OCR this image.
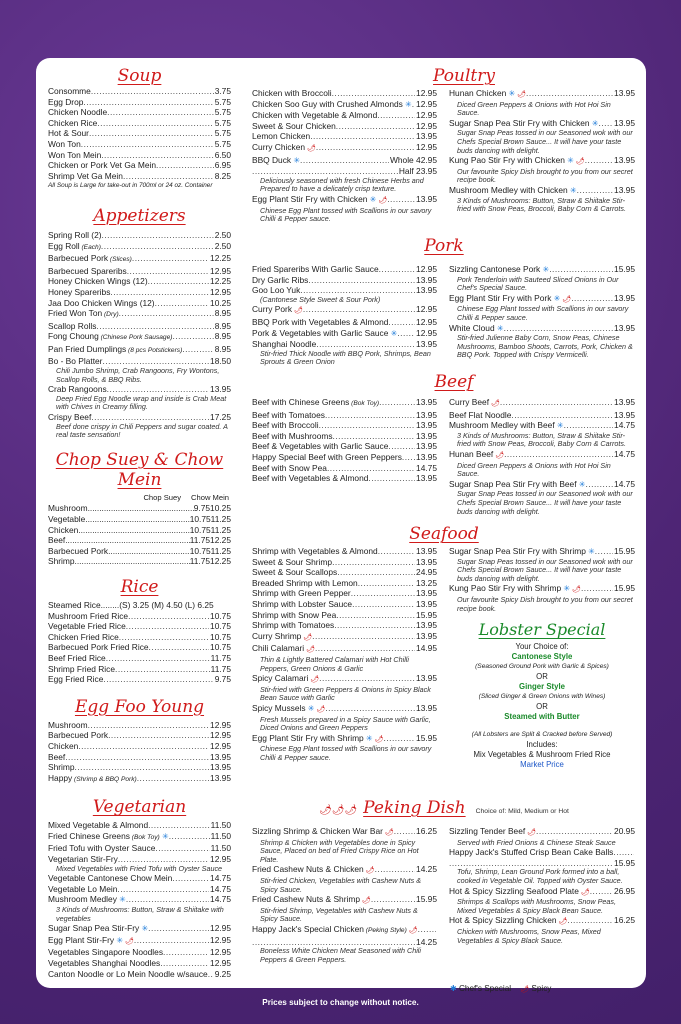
Soup
Consomme .....	3.75
Egg Drop .....	5.75
Chicken Noodle .....	5.75
Chicken Rice .....	5.75
Hot & Sour .....	5.75
Won Ton .....	5.75
Won Ton Mein .....	6.50
Chicken or Pork Vet Ga Mein .....	6.95
Shrimp Vet Ga Mein .....	8.25
All Soup is Large for take-out in 700ml or 24 oz. Container
Appetizers
Spring Roll (2) .....	2.50
Egg Roll (Each) .....	2.50
Barbecued Pork (Slices) .....	12.25
Barbecued Spareribs .....	12.95
Honey Chicken Wings (12) .....	12.25
Honey Spareribs .....	12.95
Jaa Doo Chicken Wings (12) .....	10.25
Fried Won Ton (Dry) .....	8.95
Scallop Rolls .....	8.95
Fong Choung (Chinese Pork Sausage) .....	8.95
Pan Fried Dumplings (8 pcs Potstickers) .....	8.95
Bo - Bo Platter .....	18.50
Chili Jumbo Shrimp, Crab Rangoons, Fry Wontons, Scallop Rolls, & BBQ Ribs.
Crab Rangoons .....	13.95
Deep Fried Egg Noodle wrap and inside is Crab Meat with Chives in Creamy filling.
Crispy Beef .....	17.25
Beef done crispy in Chili Peppers and sugar coated. A real taste sensation!
Chop Suey & Chow Mein
Chop Suey Chow Mein
Mushroom .....	9.75 10.25
Vegetable .....	10.75 11.25
Chicken .....	10.75 11.25
Beef .....	11.75 12.25
Barbecued Pork .....	10.75 11.25
Shrimp .....	11.75 12.25
Rice
Steamed Rice........(S) 3.25 (M) 4.50 (L) 6.25
Mushroom Fried Rice .....	10.75
Vegetable Fried Rice .....	10.75
Chicken Fried Rice .....	10.75
Barbecued Pork Fried Rice .....	10.75
Beef Fried Rice .....	11.75
Shrimp Fried Rice .....	11.75
Egg Fried Rice .....	9.75
Egg Foo Young
Mushroom .....	12.95
Barbecued Pork .....	12.95
Chicken .....	12.95
Beef .....	13.95
Shrimp .....	13.95
Happy (Shrimp & BBQ Pork) .....	13.95
Vegetarian
Mixed Vegetable & Almond .....	11.50
Fried Chinese Greens (Bok Toy) ✳ .....	11.50
Fried Tofu with Oyster Sauce .....	11.50
Vegetarian Stir-Fry .....	12.95
Mixed Vegetables with Fried Tofu with Oyster Sauce
Vegetable Cantonese Chow Mein .....	14.75
Vegetable Lo Mein .....	14.75
Mushroom Medley ✳ .....	14.75
3 Kinds of Mushrooms: Button, Straw & Shiitake with vegetables
Sugar Snap Pea Stir-Fry ✳ .....	12.95
Egg Plant Stir-Fry ✳ 🌶 .....	12.95
Vegetables Singapore Noodles .....	12.95
Vegetables Shanghai Noodles .....	12.95
Canton Noodle or Lo Mein Noodle w/sauce ..... 9.25
Poultry
Chicken with Broccoli .....	12.95
Chicken Soo Guy with Crushed Almonds ✳ ..... 12.95
Chicken with Vegetable & Almond .....	12.95
Sweet & Sour Chicken .....	12.95
Lemon Chicken .....	13.95
Curry Chicken 🌶 .....	12.95
BBQ Duck ✳ .....	Whole 42.95
.....
Half 23.95
Deliciously seasoned with fresh Chinese Herbs and Prepared to have a delicately crisp texture.
Egg Plant Stir Fry with Chicken ✳ 🌶 .....	13.95
Chinese Egg Plant tossed with Scallions in our savory Chilli & Pepper sauce.
Hunan Chicken ✳ 🌶 .....	13.95
Diced Green Peppers & Onions with Hot Hoi Sin Sauce.
Sugar Snap Pea Stir Fry with Chicken ✳ ..... 13.95
Sugar Snap Peas tossed in our Seasoned wok with our Chefs Special Brown Sauce... It will have your taste buds dancing with delight.
Kung Pao Stir Fry with Chicken ✳ 🌶 .....	13.95
Our favourite Spicy Dish brought to you from our secret recipe book.
Mushroom Medley with Chicken ✳ .....	13.95
3 Kinds of Mushrooms: Button, Straw & Shiitake Stir-fried with Snow Peas, Broccoli, Baby Corn & Carrots.
Pork
Fried Spareribs With Garlic Sauce .....	12.95
Dry Garlic Ribs .....	13.95
Goo Loo Yuk .....	13.95
(Cantonese Style Sweet & Sour Pork)
Curry Pork 🌶 .....	12.95
BBQ Pork with Vegetables & Almond .....	12.95
Pork & Vegetables with Garlic Sauce ✳ ..... 12.95
Shanghai Noodle .....	13.95
Stir-fried Thick Noodle with BBQ Pork, Shrimps, Bean Sprouts & Green Onion
Sizzling Cantonese Pork ✳ .....	15.95
Pork Tenderloin with Sauteed Sliced Onions in Our Chef's Special Sauce.
Egg Plant Stir Fry with Pork ✳ 🌶 .....	13.95
Chinese Egg Plant tossed with Scallions in our savory Chilli & Pepper sauce.
White Cloud ✳ .....	13.95
Stir-fried Julienne Baby Corn, Snow Peas, Chinese Mushrooms, Bamboo Shoots, Carrots, Pork, Chicken & BBQ Pork. Topped with Crispy Vermicelli.
Beef
Beef with Chinese Greens (Bok Toy) .....	13.95
Beef with Tomatoes .....	13.95
Beef with Broccoli .....	13.95
Beef with Mushrooms .....	13.95
Beef & Vegetables with Garlic Sauce .....	13.95
Happy Special Beef with Green Peppers ..... 13.95
Beef with Snow Pea .....	14.75
Beef with Vegetables & Almond .....	13.95
Curry Beef 🌶 .....	13.95
Beef Flat Noodle .....	13.95
Mushroom Medley with Beef ✳ .....	14.75
3 Kinds of Mushrooms: Button, Straw & Shiitake Stir-fried with Snow Peas, Broccoli, Baby Corn & Carrots.
Hunan Beef 🌶 .....	14.75
Diced Green Peppers & Onions with Hot Hoi Sin Sauce.
Sugar Snap Pea Stir Fry with Beef ✳ .....	14.75
Sugar Snap Peas tossed in our Seasoned wok with our Chefs Special Brown Sauce... It will have your taste buds dancing with delight.
Seafood
Shrimp with Vegetables & Almond .....	13.95
Sweet & Sour Shrimp .....	13.95
Sweet & Sour Scallops .....	24.95
Breaded Shrimp with Lemon .....	13.25
Shrimp with Green Pepper .....	13.95
Shrimp with Lobster Sauce .....	13.95
Shrimp with Snow Pea .....	15.95
Shrimp with Tomatoes .....	13.95
Curry Shrimp 🌶 .....	13.95
Chili Calamari 🌶 .....	14.95
Thin & Lightly Battered Calamari with Hot Chilli Peppers, Green Onions & Garlic
Spicy Calamari 🌶 .....	13.95
Stir-fried with Green Peppers & Onions in Spicy Black Bean Sauce with Garlic
Spicy Mussels ✳ 🌶 .....	13.95
Fresh Mussels prepared in a Spicy Sauce with Garlic, Diced Onions and Green Peppers
Egg Plant Stir Fry with Shrimp ✳ 🌶 .....	15.95
Chinese Egg Plant tossed with Scallions in our savory Chilli & Pepper sauce.
Sugar Snap Pea Stir Fry with Shrimp ✳ ..... 15.95
Sugar Snap Peas tossed in our Seasoned wok with our Chefs Special Brown Sauce... It will have your taste buds dancing with delight.
Kung Pao Stir Fry with Shrimp ✳ 🌶 .....	15.95
Our favourite Spicy Dish brought to you from our secret recipe book.
Lobster Special
Your Choice of:
Cantonese Style
(Seasoned Ground Pork with Garlic & Spices)
OR
Ginger Style
(Sliced Ginger & Green Onions with Wines)
OR
Steamed with Butter
(All Lobsters are Split & Cracked before Served)
Includes:
Mix Vegetables & Mushroom Fried Rice
Market Price
🌶🌶🌶 Peking Dish Choice of: Mild, Medium or Hot
Sizzling Shrimp & Chicken War Bar 🌶 .....	16.25
Shrimp & Chicken with Vegetables done in Spicy Sauce, Placed on bed of Fried Crispy Rice on Hot Plate.
Fried Cashew Nuts & Chicken 🌶 .....	14.25
Stir-fried Chicken, Vegetables with Cashew Nuts & Spicy Sauce.
Fried Cashew Nuts & Shrimp 🌶 .....	15.95
Stir-fried Shrimp, Vegetables with Cashew Nuts & Spicy Sauce.
Happy Jack's Special Chicken (Peking Style) 🌶
.....
.....
14.25
Boneless White Chicken Meat Seasoned with Chili Peppers & Green Peppers.
Sizzling Tender Beef 🌶 .....	20.95
Served with Fried Onions & Chinese Steak Sauce
Happy Jack's Stuffed Crisp Bean Cake Balls
.....
.....
15.95
Tofu, Shrimp, Lean Ground Pork formed into a ball, cooked in Vegetable Oil. Topped with Oyster Sauce.
Hot & Spicy Sizzling Seafood Plate 🌶 .....	26.95
Shrimps & Scallops with Mushrooms, Snow Peas, Mixed Vegetables & Spicy Black Bean Sauce.
Hot & Spicy Sizzling Chicken 🌶 .....	16.25
Chicken with Mushrooms, Snow Peas, Mixed Vegetables & Spicy Black Sauce.
✱ Chef's Special 🌶 Spicy
Prices subject to change without notice.
